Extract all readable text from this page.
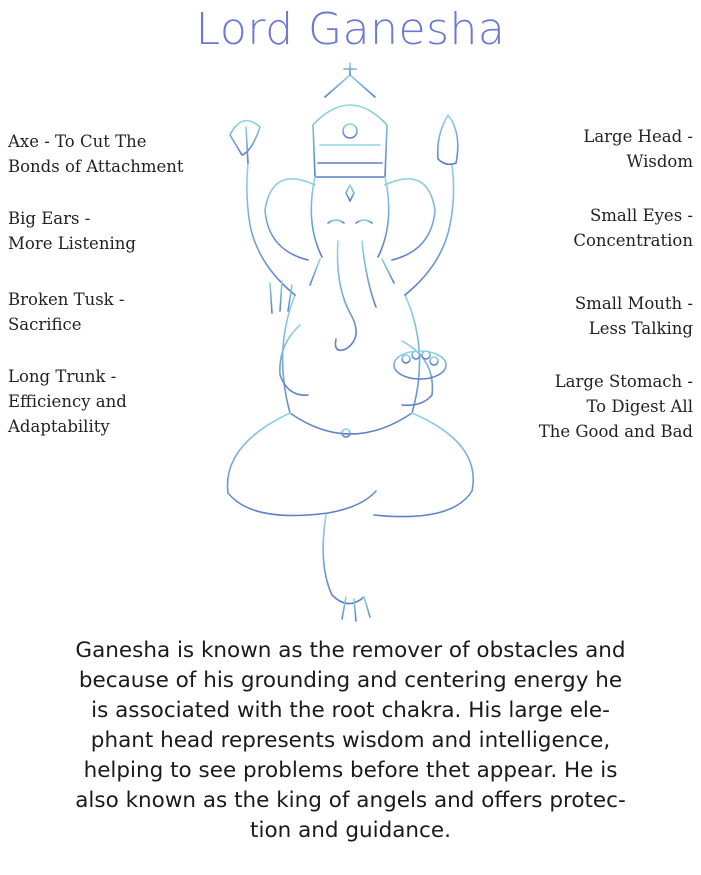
Lord Ganesha
Axe - To Cut The
Bonds of Attachment
Big Ears -
More Listening
Broken Tusk -
Sacrifice
Long Trunk -
Efficiency and
Adaptability
Large Head -
Wisdom
Small Eyes -
Concentration
Small Mouth -
Less Talking
Large Stomach -
To Digest All
The Good and Bad
Ganesha is known as the remover of obstacles and
because of his grounding and centering energy he
is associated with the root chakra. His large ele-
phant head represents wisdom and intelligence,
helping to see problems before thet appear. He is
also known as the king of angels and offers protec-
tion and guidance.
